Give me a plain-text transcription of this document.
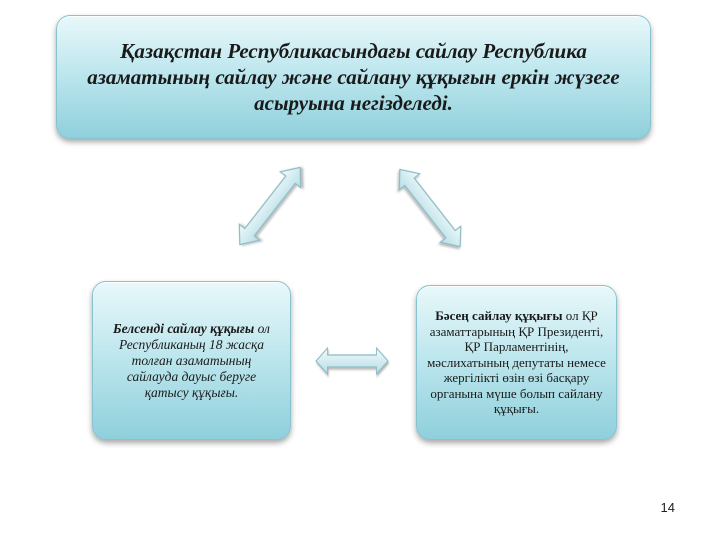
Қазақстан Республикасындағы сайлау Республика азаматының сайлау және сайлану құқығын еркін жүзеге асыруына негізделеді.
Белсенді сайлау құқығы ол Республиканың 18 жасқа толған азаматының сайлауда дауыс беруге қатысу құқығы.
Бәсең сайлау құқығы ол ҚР азаматтарының ҚР Президенті, ҚР Парламентінің, мәслихатының депутаты немесе жергілікті өзін өзі басқару органына мүше болып сайлану құқығы.
14
